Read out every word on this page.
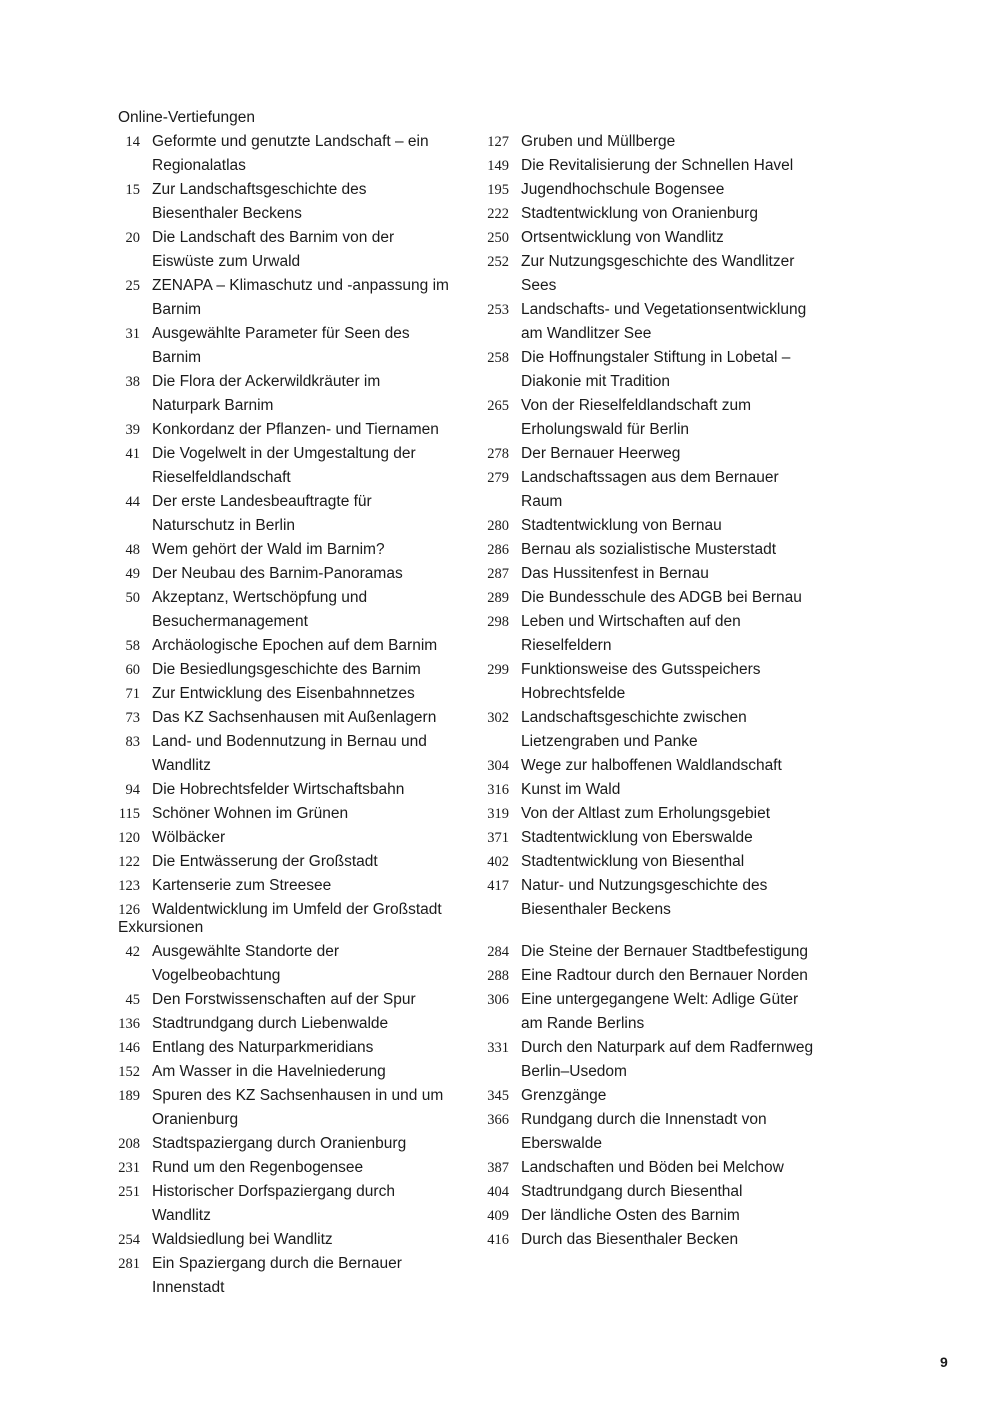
Online-Vertiefungen
14 Geformte und genutzte Landschaft – ein Regionalatlas
15 Zur Landschaftsgeschichte des Biesenthaler Beckens
20 Die Landschaft des Barnim von der Eiswüste zum Urwald
25 ZENAPA – Klimaschutz und -anpassung im Barnim
31 Ausgewählte Parameter für Seen des Barnim
38 Die Flora der Ackerwildkräuter im Naturpark Barnim
39 Konkordanz der Pflanzen- und Tiernamen
41 Die Vogelwelt in der Umgestaltung der Rieselfeldlandschaft
44 Der erste Landesbeauftragte für Naturschutz in Berlin
48 Wem gehört der Wald im Barnim?
49 Der Neubau des Barnim-Panoramas
50 Akzeptanz, Wertschöpfung und Besuchermanagement
58 Archäologische Epochen auf dem Barnim
60 Die Besiedlungsgeschichte des Barnim
71 Zur Entwicklung des Eisenbahnnetzes
73 Das KZ Sachsenhausen mit Außenlagern
83 Land- und Bodennutzung in Bernau und Wandlitz
94 Die Hobrechtsfelder Wirtschaftsbahn
115 Schöner Wohnen im Grünen
120 Wölbäcker
122 Die Entwässerung der Großstadt
123 Kartenserie zum Streesee
126 Waldentwicklung im Umfeld der Großstadt
127 Gruben und Müllberge
149 Die Revitalisierung der Schnellen Havel
195 Jugendhochschule Bogensee
222 Stadtentwicklung von Oranienburg
250 Ortsentwicklung von Wandlitz
252 Zur Nutzungsgeschichte des Wandlitzer Sees
253 Landschafts- und Vegetationsentwicklung am Wandlitzer See
258 Die Hoffnungstaler Stiftung in Lobetal – Diakonie mit Tradition
265 Von der Rieselfeldlandschaft zum Erholungswald für Berlin
278 Der Bernauer Heerweg
279 Landschaftssagen aus dem Bernauer Raum
280 Stadtentwicklung von Bernau
286 Bernau als sozialistische Musterstadt
287 Das Hussitenfest in Bernau
289 Die Bundesschule des ADGB bei Bernau
298 Leben und Wirtschaften auf den Rieselfeldern
299 Funktionsweise des Gutsspeichers Hobrechtsfelde
302 Landschaftsgeschichte zwischen Lietzengraben und Panke
304 Wege zur halboffenen Waldlandschaft
316 Kunst im Wald
319 Von der Altlast zum Erholungsgebiet
371 Stadtentwicklung von Eberswalde
402 Stadtentwicklung von Biesenthal
417 Natur- und Nutzungsgeschichte des Biesenthaler Beckens
Exkursionen
42 Ausgewählte Standorte der Vogelbeobachtung
45 Den Forstwissenschaften auf der Spur
136 Stadtrundgang durch Liebenwalde
146 Entlang des Naturparkmeridians
152 Am Wasser in die Havelniederung
189 Spuren des KZ Sachsenhausen in und um Oranienburg
208 Stadtspaziergang durch Oranienburg
231 Rund um den Regenbogensee
251 Historischer Dorfspaziergang durch Wandlitz
254 Waldsiedlung bei Wandlitz
281 Ein Spaziergang durch die Bernauer Innenstadt
284 Die Steine der Bernauer Stadtbefestigung
288 Eine Radtour durch den Bernauer Norden
306 Eine untergegangene Welt: Adlige Güter am Rande Berlins
331 Durch den Naturpark auf dem Radfernweg Berlin–Usedom
345 Grenzgänge
366 Rundgang durch die Innenstadt von Eberswalde
387 Landschaften und Böden bei Melchow
404 Stadtrundgang durch Biesenthal
409 Der ländliche Osten des Barnim
416 Durch das Biesenthaler Becken
9
